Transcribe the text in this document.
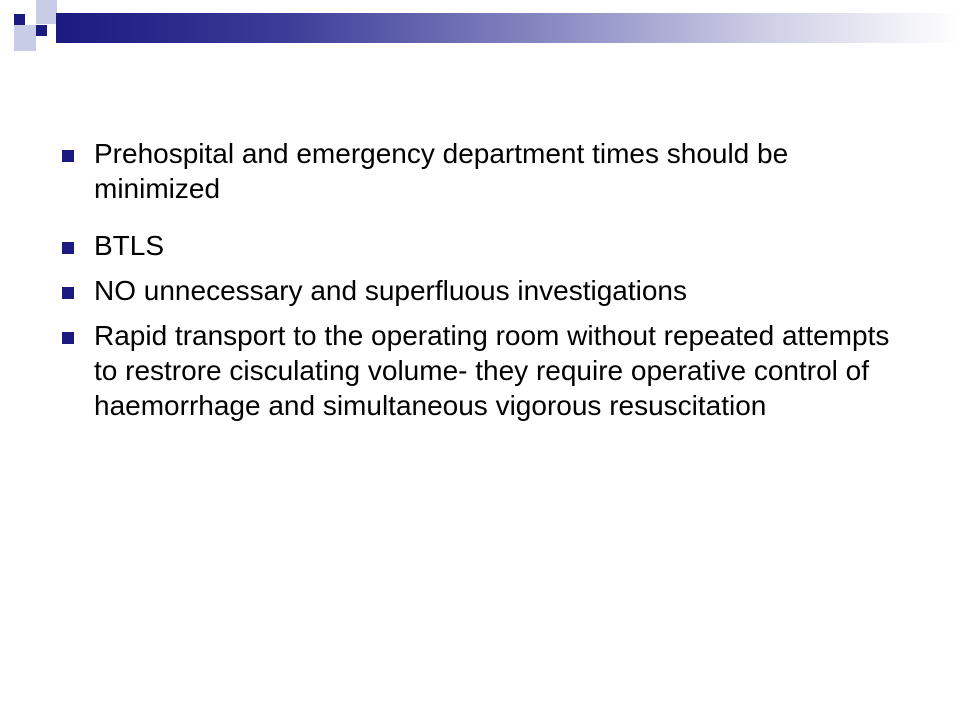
Prehospital and emergency department times should be minimized
BTLS
NO unnecessary and superfluous investigations
Rapid transport to the operating room without repeated attempts to restrore cisculating volume- they require operative control of haemorrhage and simultaneous vigorous resuscitation
